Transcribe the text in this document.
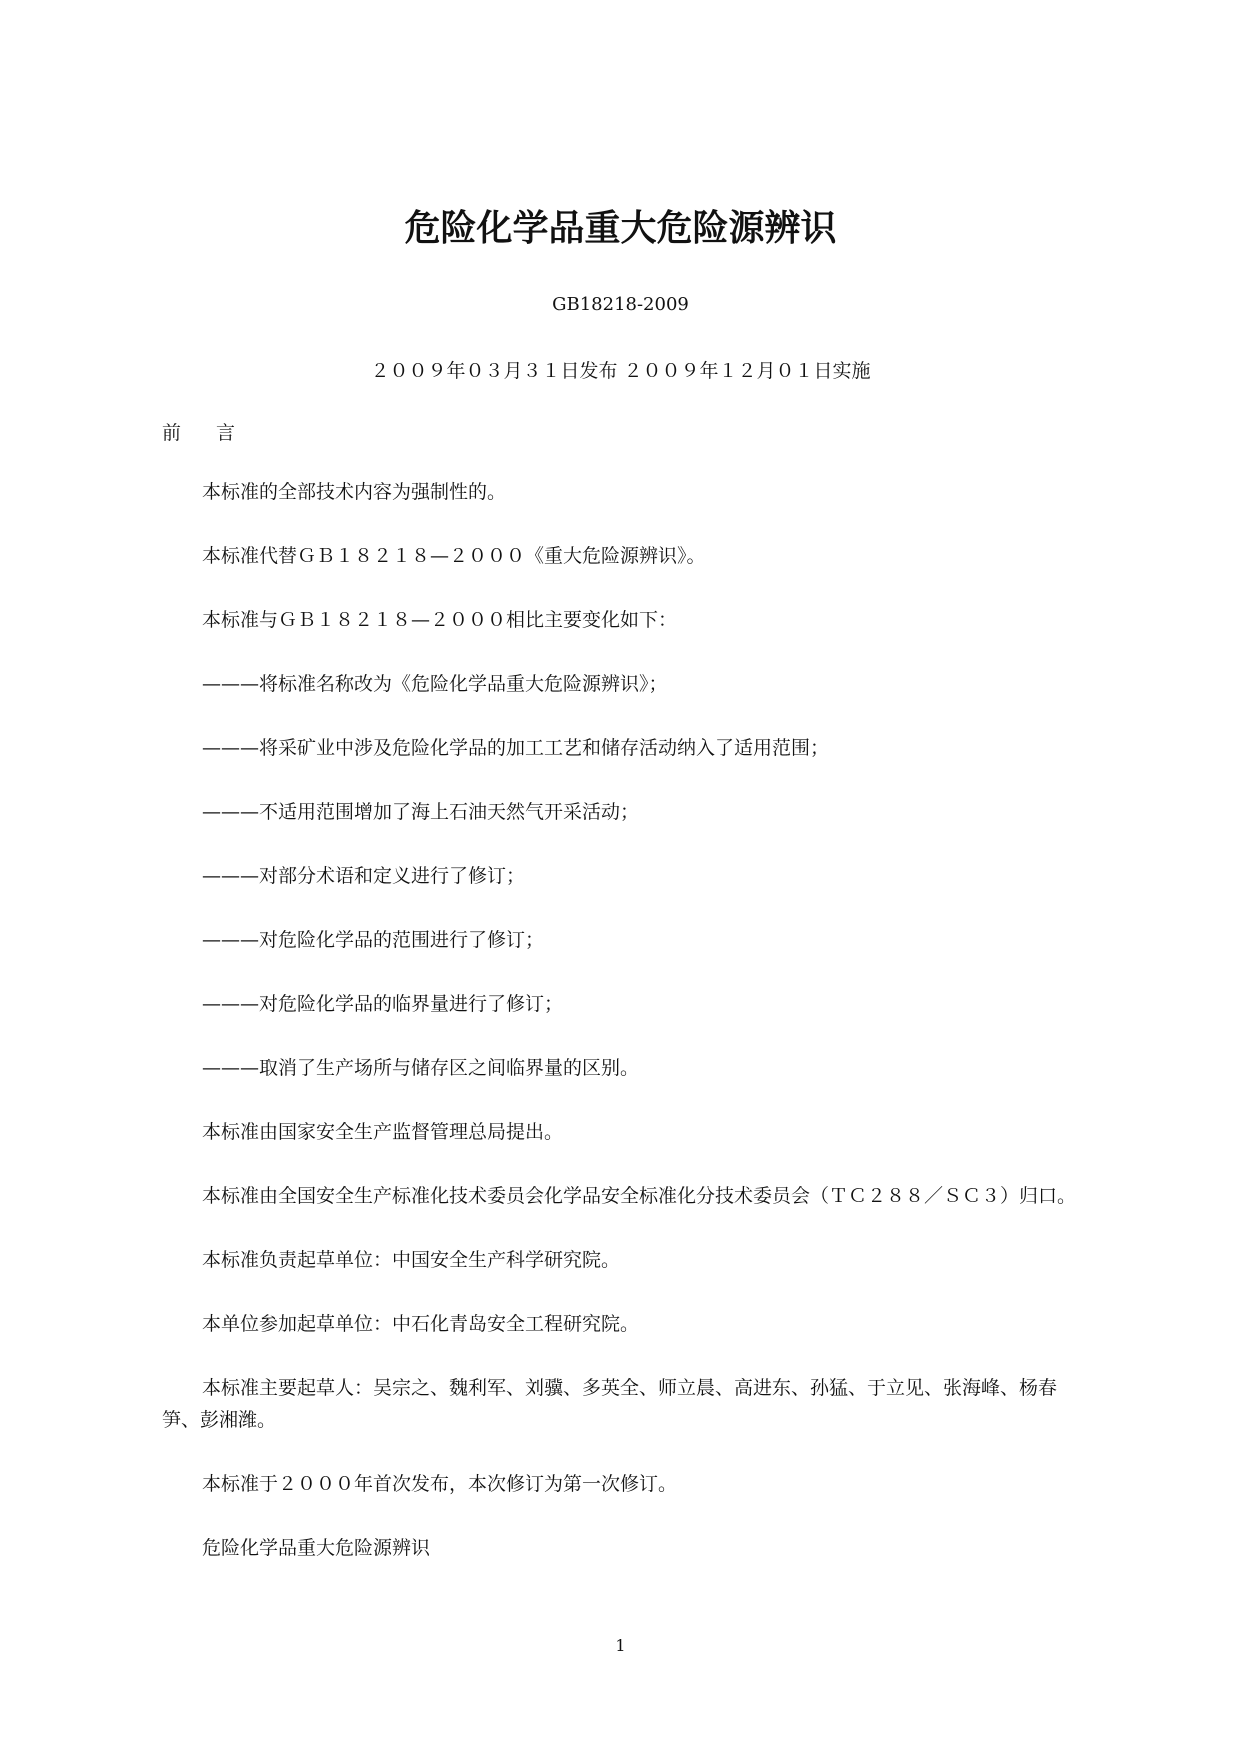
危险化学品重大危险源辨识

GB18218-2009

２００９年０３月３１日发布 ２００９年１２月０１日实施

前言

本标准的全部技术内容为强制性的。

本标准代替ＧＢ１８２１８—２０００《重大危险源辨识》。

本标准与ＧＢ１８２１８—２０００相比主要变化如下：

———将标准名称改为《危险化学品重大危险源辨识》；

———将采矿业中涉及危险化学品的加工工艺和储存活动纳入了适用范围；

———不适用范围增加了海上石油天然气开采活动；

———对部分术语和定义进行了修订；

———对危险化学品的范围进行了修订；

———对危险化学品的临界量进行了修订；

———取消了生产场所与储存区之间临界量的区别。

本标准由国家安全生产监督管理总局提出。

本标准由全国安全生产标准化技术委员会化学品安全标准化分技术委员会（ＴＣ２８８／ＳＣ３）归口。

本标准负责起草单位：中国安全生产科学研究院。

本单位参加起草单位：中石化青岛安全工程研究院。

本标准主要起草人：吴宗之、魏利军、刘骥、多英全、师立晨、高进东、孙猛、于立见、张海峰、杨春笋、彭湘潍。

本标准于２０００年首次发布，本次修订为第一次修订。

危险化学品重大危险源辨识

1
